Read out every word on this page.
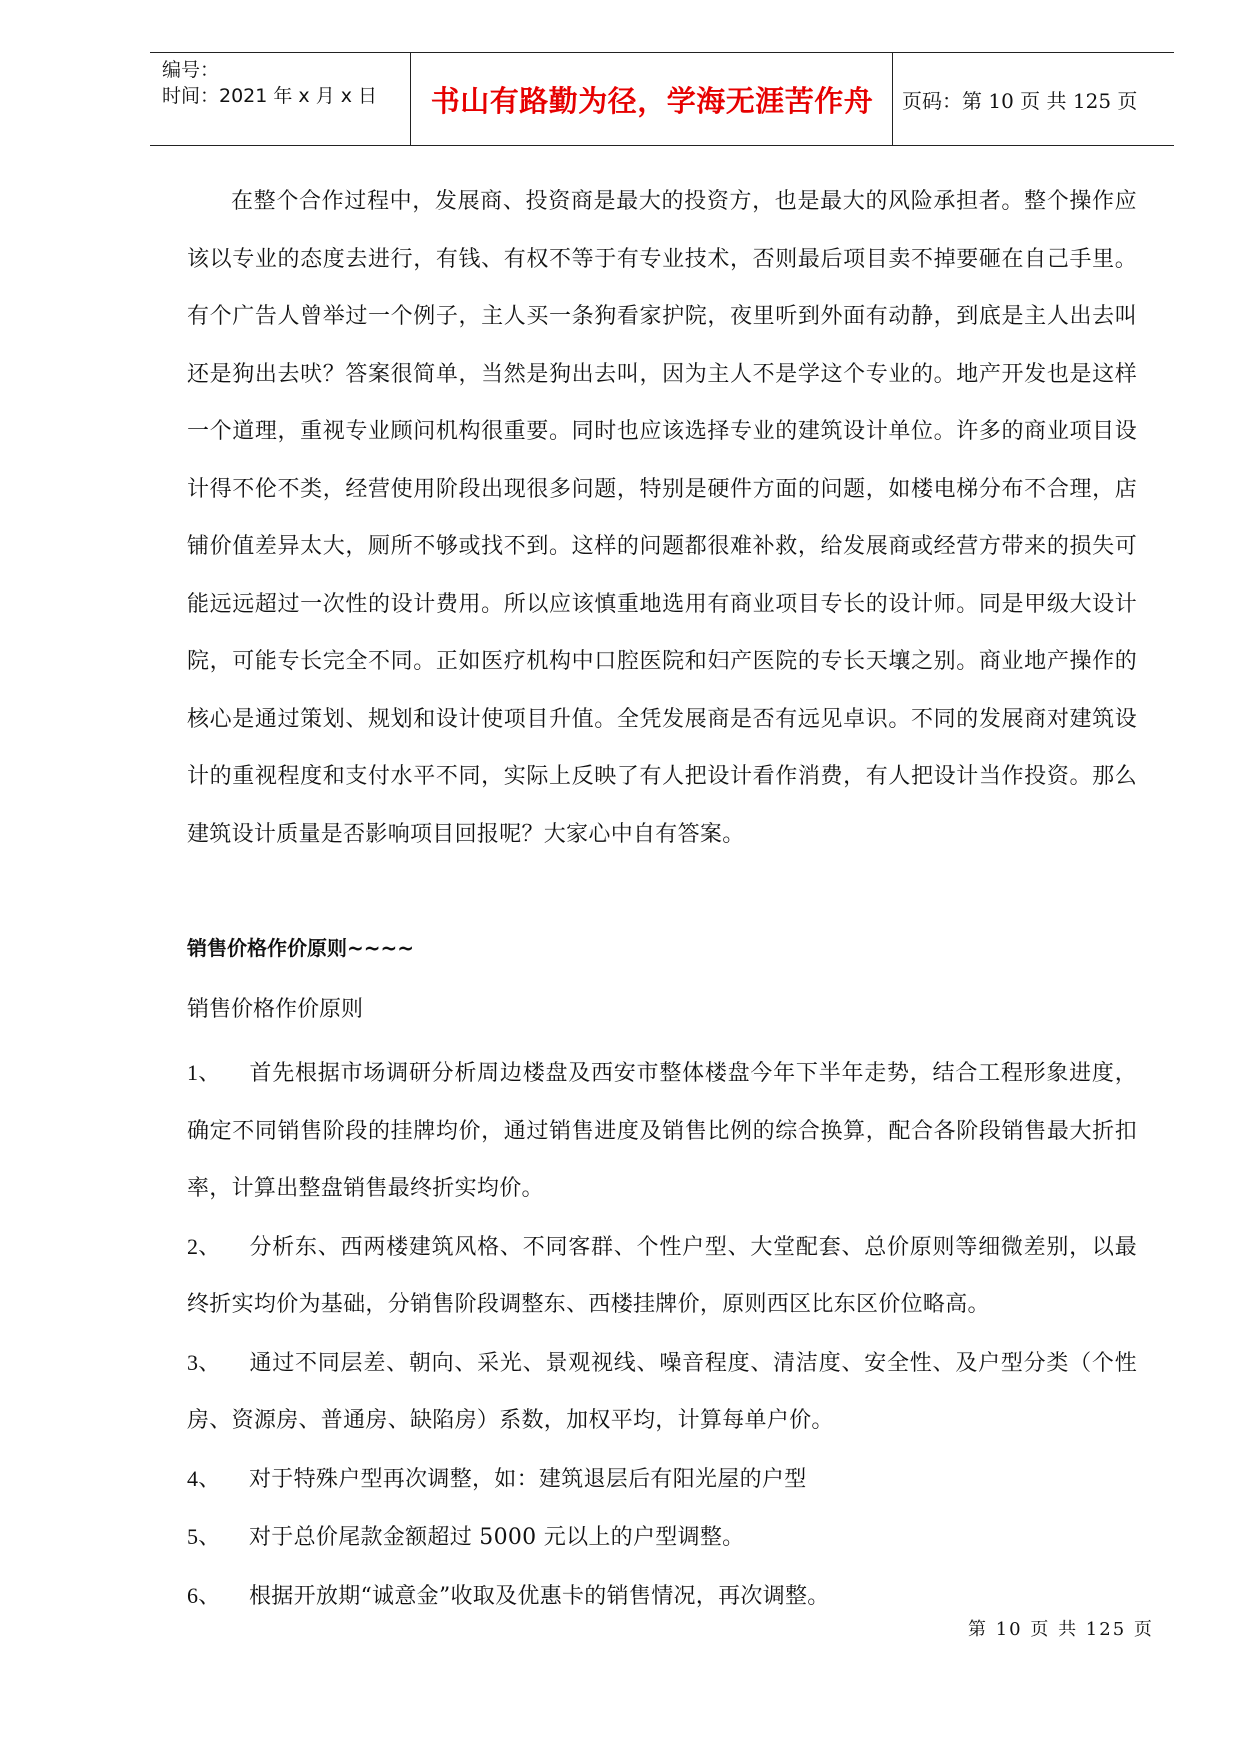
编号：
时间：2021 年 x 月 x 日	书山有路勤为径，学海无涯苦作舟	页码：第 10 页 共 125 页

在整个合作过程中，发展商、投资商是最大的投资方，也是最大的风险承担者。整个操作应该以专业的态度去进行，有钱、有权不等于有专业技术，否则最后项目卖不掉要砸在自己手里。有个广告人曾举过一个例子，主人买一条狗看家护院，夜里听到外面有动静，到底是主人出去叫还是狗出去吠？答案很简单，当然是狗出去叫，因为主人不是学这个专业的。地产开发也是这样一个道理，重视专业顾问机构很重要。同时也应该选择专业的建筑设计单位。许多的商业项目设计得不伦不类，经营使用阶段出现很多问题，特别是硬件方面的问题，如楼电梯分布不合理，店铺价值差异太大，厕所不够或找不到。这样的问题都很难补救，给发展商或经营方带来的损失可能远远超过一次性的设计费用。所以应该慎重地选用有商业项目专长的设计师。同是甲级大设计院，可能专长完全不同。正如医疗机构中口腔医院和妇产医院的专长天壤之别。商业地产操作的核心是通过策划、规划和设计使项目升值。全凭发展商是否有远见卓识。不同的发展商对建筑设计的重视程度和支付水平不同，实际上反映了有人把设计看作消费，有人把设计当作投资。那么建筑设计质量是否影响项目回报呢？大家心中自有答案。

销售价格作价原则~~~~
销售价格作价原则
1、 首先根据市场调研分析周边楼盘及西安市整体楼盘今年下半年走势，结合工程形象进度，确定不同销售阶段的挂牌均价，通过销售进度及销售比例的综合换算，配合各阶段销售最大折扣率，计算出整盘销售最终折实均价。
2、 分析东、西两楼建筑风格、不同客群、个性户型、大堂配套、总价原则等细微差别，以最终折实均价为基础，分销售阶段调整东、西楼挂牌价，原则西区比东区价位略高。
3、 通过不同层差、朝向、采光、景观视线、噪音程度、清洁度、安全性、及户型分类（个性房、资源房、普通房、缺陷房）系数，加权平均，计算每单户价。
4、 对于特殊户型再次调整，如：建筑退层后有阳光屋的户型
5、 对于总价尾款金额超过 5000 元以上的户型调整。
6、 根据开放期“诚意金”收取及优惠卡的销售情况，再次调整。
第 10 页 共 125 页
